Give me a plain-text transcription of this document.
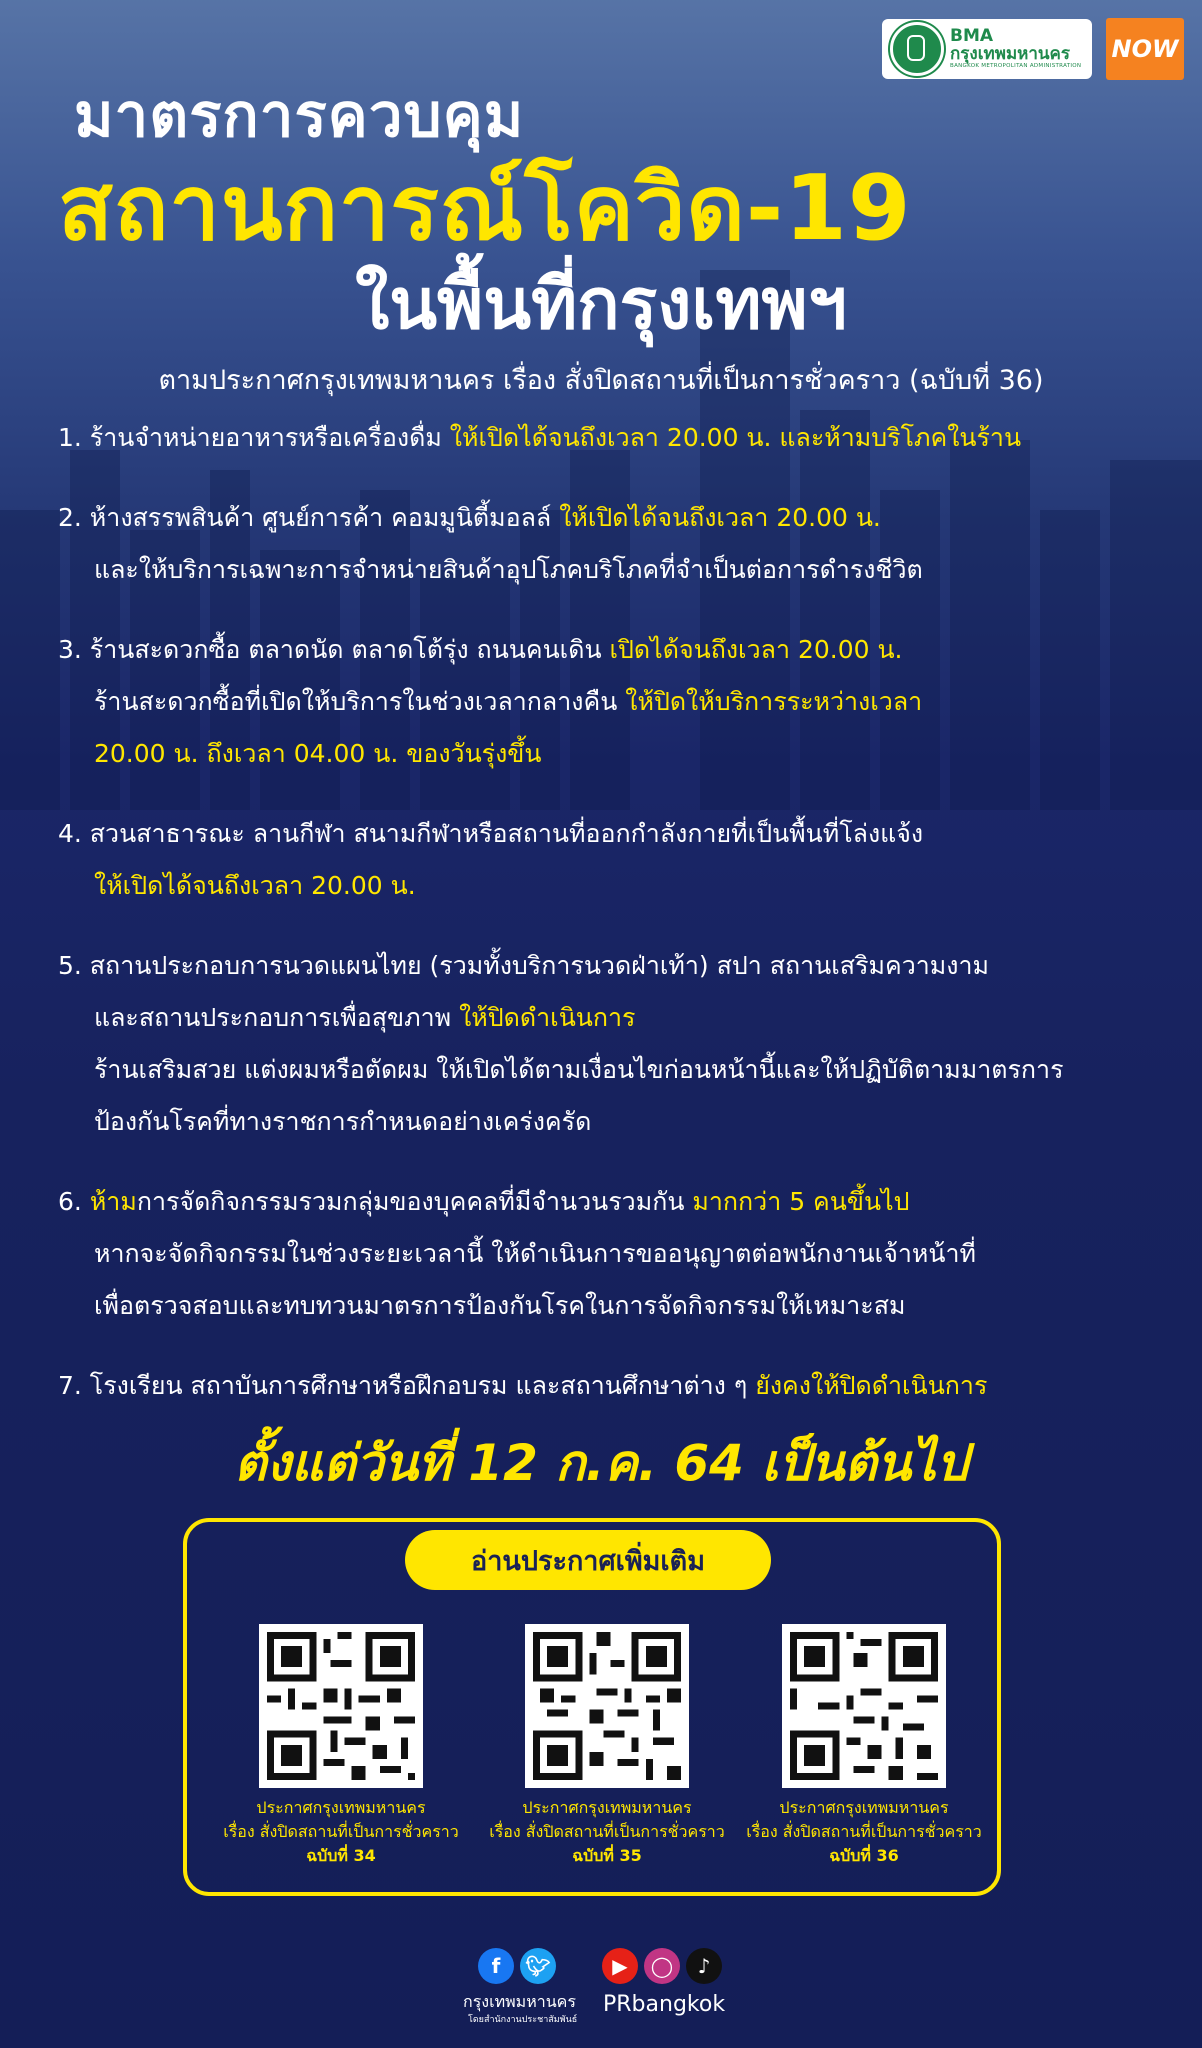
BMA
กรุงเทพมหานคร
BANGKOK METROPOLITAN ADMINISTRATION
NOW
มาตรการควบคุม
สถานการณ์โควิด-19
ในพื้นที่กรุงเทพฯ
ตามประกาศกรุงเทพมหานคร เรื่อง สั่งปิดสถานที่เป็นการชั่วคราว (ฉบับที่ 36)
1. ร้านจำหน่ายอาหารหรือเครื่องดื่ม ให้เปิดได้จนถึงเวลา 20.00 น. และห้ามบริโภคในร้าน
2. ห้างสรรพสินค้า ศูนย์การค้า คอมมูนิตี้มอลล์ ให้เปิดได้จนถึงเวลา 20.00 น.
และให้บริการเฉพาะการจำหน่ายสินค้าอุปโภคบริโภคที่จำเป็นต่อการดำรงชีวิต
3. ร้านสะดวกซื้อ ตลาดนัด ตลาดโต้รุ่ง ถนนคนเดิน เปิดได้จนถึงเวลา 20.00 น.
ร้านสะดวกซื้อที่เปิดให้บริการในช่วงเวลากลางคืน ให้ปิดให้บริการระหว่างเวลา
20.00 น. ถึงเวลา 04.00 น. ของวันรุ่งขึ้น
4. สวนสาธารณะ ลานกีฬา สนามกีฬาหรือสถานที่ออกกำลังกายที่เป็นพื้นที่โล่งแจ้ง
ให้เปิดได้จนถึงเวลา 20.00 น.
5. สถานประกอบการนวดแผนไทย (รวมทั้งบริการนวดฝ่าเท้า) สปา สถานเสริมความงาม
และสถานประกอบการเพื่อสุขภาพ ให้ปิดดำเนินการ
ร้านเสริมสวย แต่งผมหรือตัดผม ให้เปิดได้ตามเงื่อนไขก่อนหน้านี้และให้ปฏิบัติตามมาตรการ
ป้องกันโรคที่ทางราชการกำหนดอย่างเคร่งครัด
6. ห้ามการจัดกิจกรรมรวมกลุ่มของบุคคลที่มีจำนวนรวมกัน มากกว่า 5 คนขึ้นไป
หากจะจัดกิจกรรมในช่วงระยะเวลานี้ ให้ดำเนินการขออนุญาตต่อพนักงานเจ้าหน้าที่
เพื่อตรวจสอบและทบทวนมาตรการป้องกันโรคในการจัดกิจกรรมให้เหมาะสม
7. โรงเรียน สถาบันการศึกษาหรือฝึกอบรม และสถานศึกษาต่าง ๆ ยังคงให้ปิดดำเนินการ
ตั้งแต่วันที่ 12 ก.ค. 64 เป็นต้นไป
อ่านประกาศเพิ่มเติม
ประกาศกรุงเทพมหานคร
เรื่อง สั่งปิดสถานที่เป็นการชั่วคราว
ฉบับที่ 34
ประกาศกรุงเทพมหานคร
เรื่อง สั่งปิดสถานที่เป็นการชั่วคราว
ฉบับที่ 35
ประกาศกรุงเทพมหานคร
เรื่อง สั่งปิดสถานที่เป็นการชั่วคราว
ฉบับที่ 36
f	🐦︎
กรุงเทพมหานคร
โดยสำนักงานประชาสัมพันธ์
▶	◯	♪
PRbangkok
